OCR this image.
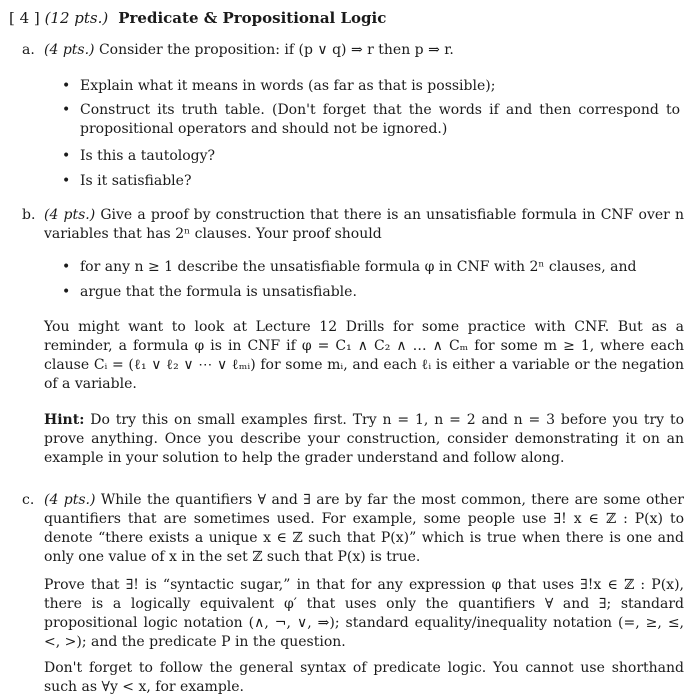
[ 4 ] (12 pts.) Predicate & Propositional Logic
a. (4 pts.) Consider the proposition: if (p ∨ q) ⇒ r then p ⇒ r.
• Explain what it means in words (as far as that is possible);
• Construct its truth table. (Don't forget that the words if and then correspond to propositional operators and should not be ignored.)
• Is this a tautology?
• Is it satisfiable?
b. (4 pts.) Give a proof by construction that there is an unsatisfiable formula in CNF over n variables that has 2ⁿ clauses. Your proof should
• for any n ≥ 1 describe the unsatisfiable formula φ in CNF with 2ⁿ clauses, and
• argue that the formula is unsatisfiable.
You might want to look at Lecture 12 Drills for some practice with CNF. But as a reminder, a formula φ is in CNF if φ = C₁ ∧ C₂ ∧ … ∧ Cₘ for some m ≥ 1, where each clause Cᵢ = (ℓ₁ ∨ ℓ₂ ∨ ⋯ ∨ ℓₘᵢ) for some mᵢ, and each ℓᵢ is either a variable or the negation of a variable.
Hint: Do try this on small examples first. Try n = 1, n = 2 and n = 3 before you try to prove anything. Once you describe your construction, consider demonstrating it on an example in your solution to help the grader understand and follow along.
c. (4 pts.) While the quantifiers ∀ and ∃ are by far the most common, there are some other quantifiers that are sometimes used. For example, some people use ∃! x ∈ ℤ : P(x) to denote “there exists a unique x ∈ ℤ such that P(x)” which is true when there is one and only one value of x in the set ℤ such that P(x) is true.
Prove that ∃! is “syntactic sugar,” in that for any expression φ that uses ∃!x ∈ ℤ : P(x), there is a logically equivalent φ′ that uses only the quantifiers ∀ and ∃; standard propositional logic notation (∧, ¬, ∨, ⇒); standard equality/inequality notation (=, ≥, ≤, <, >); and the predicate P in the question.
Don't forget to follow the general syntax of predicate logic. You cannot use shorthand such as ∀y < x, for example.
